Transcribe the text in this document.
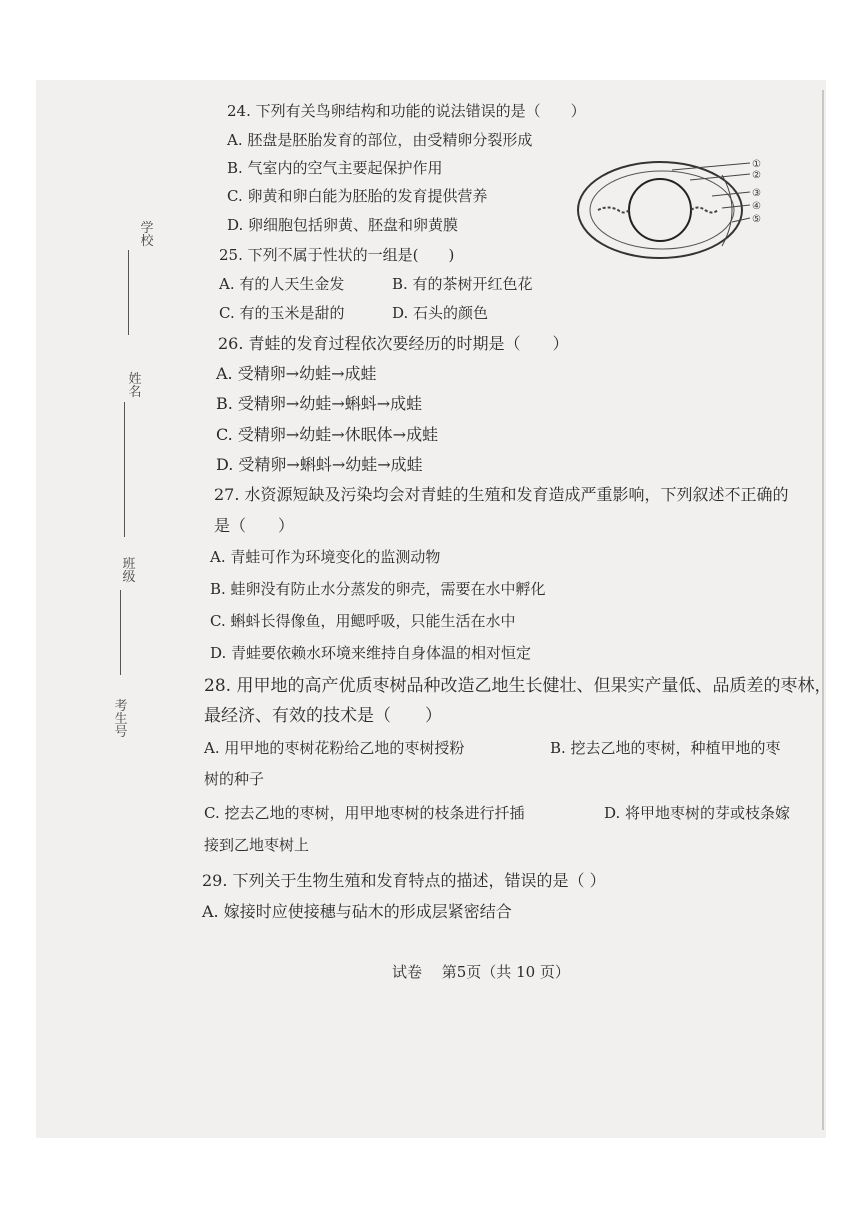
学校
姓名
班级
考生号
24. 下列有关鸟卵结构和功能的说法错误的是（　　）
A. 胚盘是胚胎发育的部位，由受精卵分裂形成
B. 气室内的空气主要起保护作用
C. 卵黄和卵白能为胚胎的发育提供营养
D. 卵细胞包括卵黄、胚盘和卵黄膜
①
②
③
④
⑤
25. 下列不属于性状的一组是(　　)
A. 有的人天生金发	B. 有的茶树开红色花
C. 有的玉米是甜的	D. 石头的颜色
26. 青蛙的发育过程依次要经历的时期是（　　）
A. 受精卵→幼蛙→成蛙
B. 受精卵→幼蛙→蝌蚪→成蛙
C. 受精卵→幼蛙→休眠体→成蛙
D. 受精卵→蝌蚪→幼蛙→成蛙
27. 水资源短缺及污染均会对青蛙的生殖和发育造成严重影响，下列叙述不正确的
是（　　）
A. 青蛙可作为环境变化的监测动物
B. 蛙卵没有防止水分蒸发的卵壳，需要在水中孵化
C. 蝌蚪长得像鱼，用鳃呼吸，只能生活在水中
D. 青蛙要依赖水环境来维持自身体温的相对恒定
28. 用甲地的高产优质枣树品种改造乙地生长健壮、但果实产量低、品质差的枣林，
最经济、有效的技术是（　　）
A. 用甲地的枣树花粉给乙地的枣树授粉	B. 挖去乙地的枣树，种植甲地的枣
树的种子
C. 挖去乙地的枣树，用甲地枣树的枝条进行扦插	D. 将甲地枣树的芽或枝条嫁
接到乙地枣树上
29. 下列关于生物生殖和发育特点的描述，错误的是（ ）
A. 嫁接时应使接穗与砧木的形成层紧密结合
试卷　 第5页（共 10 页）
